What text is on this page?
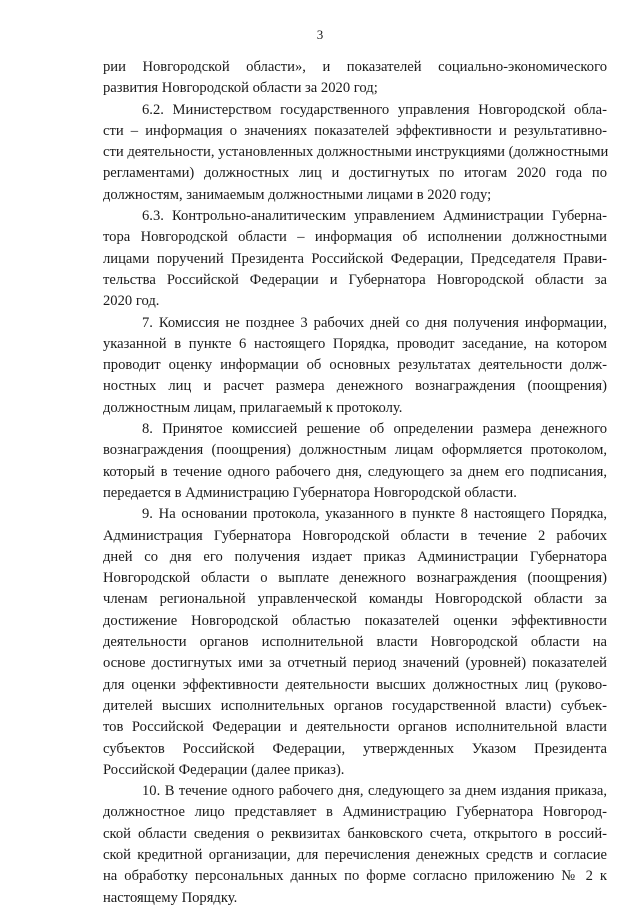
3

рии Новгородской области», и показателей социально-экономического
развития Новгородской области за 2020 год;

6.2. Министерством государственного управления Новгородской обла-
сти – информация о значениях показателей эффективности и результативно-
сти деятельности, установленных должностными инструкциями (должностными
регламентами) должностных лиц и достигнутых по итогам 2020 года по
должностям, занимаемым должностными лицами в 2020 году;

6.3. Контрольно-аналитическим управлением Администрации Губерна-
тора Новгородской области – информация об исполнении должностными
лицами поручений Президента Российской Федерации, Председателя Прави-
тельства Российской Федерации и Губернатора Новгородской области за
2020 год.

7. Комиссия не позднее 3 рабочих дней со дня получения информации,
указанной в пункте 6 настоящего Порядка, проводит заседание, на котором
проводит оценку информации об основных результатах деятельности долж-
ностных лиц и расчет размера денежного вознаграждения (поощрения)
должностным лицам, прилагаемый к протоколу.

8. Принятое комиссией решение об определении размера денежного
вознаграждения (поощрения) должностным лицам оформляется протоколом,
который в течение одного рабочего дня, следующего за днем его подписания,
передается в Администрацию Губернатора Новгородской области.

9. На основании протокола, указанного в пункте 8 настоящего Порядка,
Администрация Губернатора Новгородской области в течение 2 рабочих
дней со дня его получения издает приказ Администрации Губернатора
Новгородской области о выплате денежного вознаграждения (поощрения)
членам региональной управленческой команды Новгородской области за
достижение Новгородской областью показателей оценки эффективности
деятельности органов исполнительной власти Новгородской области на
основе достигнутых ими за отчетный период значений (уровней) показателей
для оценки эффективности деятельности высших должностных лиц (руково-
дителей высших исполнительных органов государственной власти) субъек-
тов Российской Федерации и деятельности органов исполнительной власти
субъектов Российской Федерации, утвержденных Указом Президента
Российской Федерации (далее приказ).

10. В течение одного рабочего дня, следующего за днем издания приказа,
должностное лицо представляет в Администрацию Губернатора Новгород-
ской области сведения о реквизитах банковского счета, открытого в россий-
ской кредитной организации, для перечисления денежных средств и согласие
на обработку персональных данных по форме согласно приложению № 2 к
настоящему Порядку.
